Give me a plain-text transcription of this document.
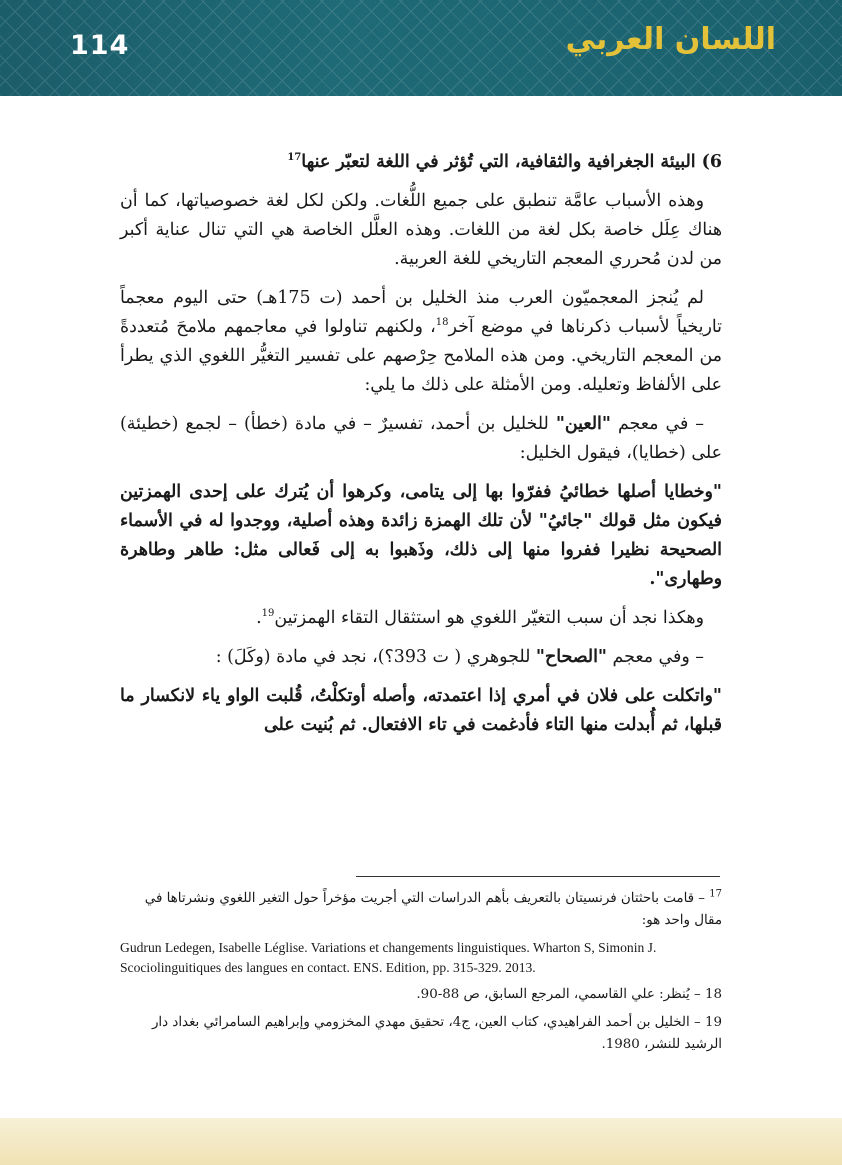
114	اللسان العربي

6) البيئة الجغرافية والثقافية، التي تُؤثر في اللغة لتعبّر عنها$^{17}$

وهذه الأسباب عامَّة تنطبق على جميع اللُّغات. ولكن لكل لغة خصوصياتها، كما أن هناك عِلَل خاصة بكل لغة من اللغات. وهذه العلَّل الخاصة هي التي تنال عناية أكبر من لدن مُحرري المعجم التاريخي للغة العربية.

لم يُنجز المعجميّون العرب منذ الخليل بن أحمد (ت 175هـ) حتى اليوم معجماً تاريخياً لأسباب ذكرناها في موضع آخر$^{18}$، ولكنهم تناولوا في معاجمهم ملامحَ مُتعددةً من المعجم التاريخي. ومن هذه الملامح حِرْصهم على تفسير التغيُّر اللغوي الذي يطرأ على الألفاظ وتعليله. ومن الأمثلة على ذلك ما يلي:

– في معجم "العين" للخليل بن أحمد، تفسيرٌ – في مادة (خطأ) – لجمع (خطيئة) على (خطايا)، فيقول الخليل:

"وخطايا أصلها خطائيُ ففرّوا بها إلى يتامى، وكرهوا أن يُترك على إحدى الهمزتين فيكون مثل قولك "جائيُ" لأن تلك الهمزة زائدة وهذه أصلية، ووجدوا له في الأسماء الصحيحة نظيرا ففروا منها إلى ذلك، وذَهبوا به إلى فَعالى مثل: طاهر وطاهرة وطهارى".

وهكذا نجد أن سبب التغيّر اللغوي هو استثقال التقاء الهمزتين$^{19}$.

– وفي معجم "الصحاح" للجوهري ( ت 393؟)، نجد في مادة (وكَلَ) :

"واتكلت على فلان في أمري إذا اعتمدته، وأصله أوتكلْتُ، قُلبت الواو ياء لانكسار ما قبلها، ثم أُبدلت منها التاء فأدغمت في تاء الافتعال. ثم بُنيت على

$^{17}$ – قامت باحثتان فرنسيتان بالتعريف بأهم الدراسات التي أجريت مؤخراً حول التغير اللغوي ونشرتاها في مقال واحد هو:

Gudrun Ledegen, Isabelle Léglise. Variations et changements linguistiques. Wharton S, Simonin J. Scociolinguitiques des langues en contact. ENS. Edition, pp. 315-329. 2013.

18 – يُنظر: علي القاسمي، المرجع السابق، ص 88-90.

19 – الخليل بن أحمد الفراهيدي، كتاب العين، ج4، تحقيق مهدي المخزومي وإبراهيم السامرائي بغداد دار الرشيد للنشر، 1980.
